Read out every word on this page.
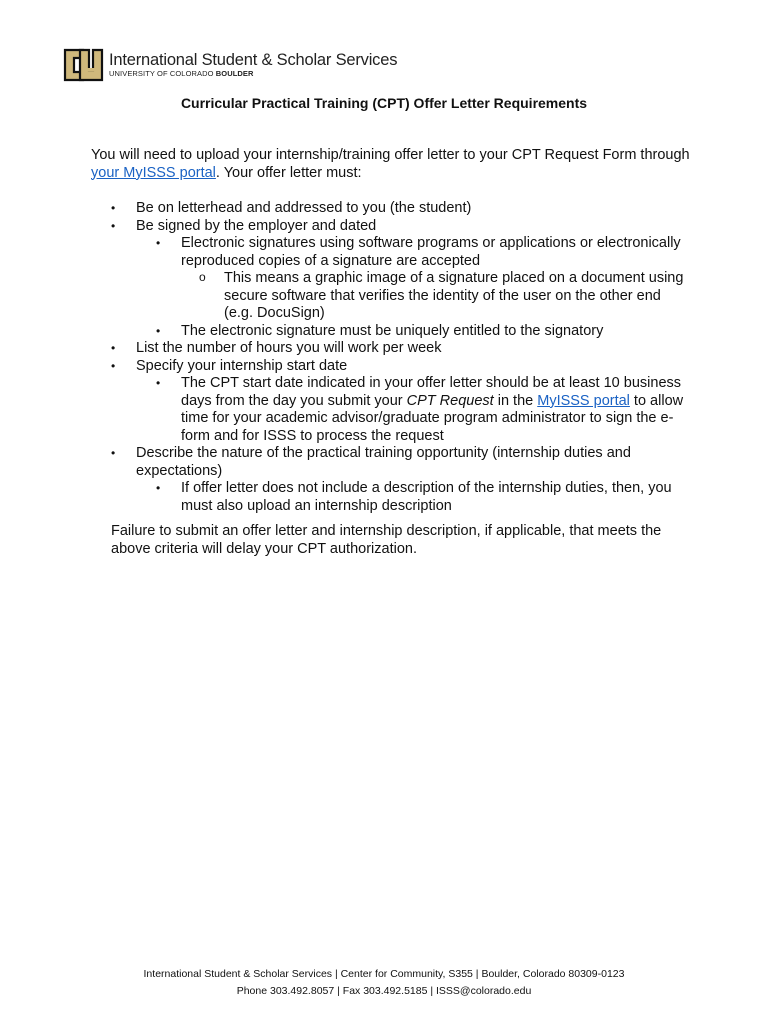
International Student & Scholar Services
UNIVERSITY OF COLORADO BOULDER
Curricular Practical Training (CPT) Offer Letter Requirements

You will need to upload your internship/training offer letter to your CPT Request Form through your MyISSS portal. Your offer letter must:

• Be on letterhead and addressed to you (the student)
• Be signed by the employer and dated
• Electronic signatures using software programs or applications or electronically reproduced copies of a signature are accepted
o This means a graphic image of a signature placed on a document using secure software that verifies the identity of the user on the other end (e.g. DocuSign)
• The electronic signature must be uniquely entitled to the signatory
• List the number of hours you will work per week
• Specify your internship start date
• The CPT start date indicated in your offer letter should be at least 10 business days from the day you submit your CPT Request in the MyISSS portal to allow time for your academic advisor/graduate program administrator to sign the e-form and for ISSS to process the request
• Describe the nature of the practical training opportunity (internship duties and expectations)
• If offer letter does not include a description of the internship duties, then, you must also upload an internship description

Failure to submit an offer letter and internship description, if applicable, that meets the above criteria will delay your CPT authorization.

International Student & Scholar Services | Center for Community, S355 | Boulder, Colorado 80309-0123
Phone 303.492.8057 | Fax 303.492.5185 | ISSS@colorado.edu
